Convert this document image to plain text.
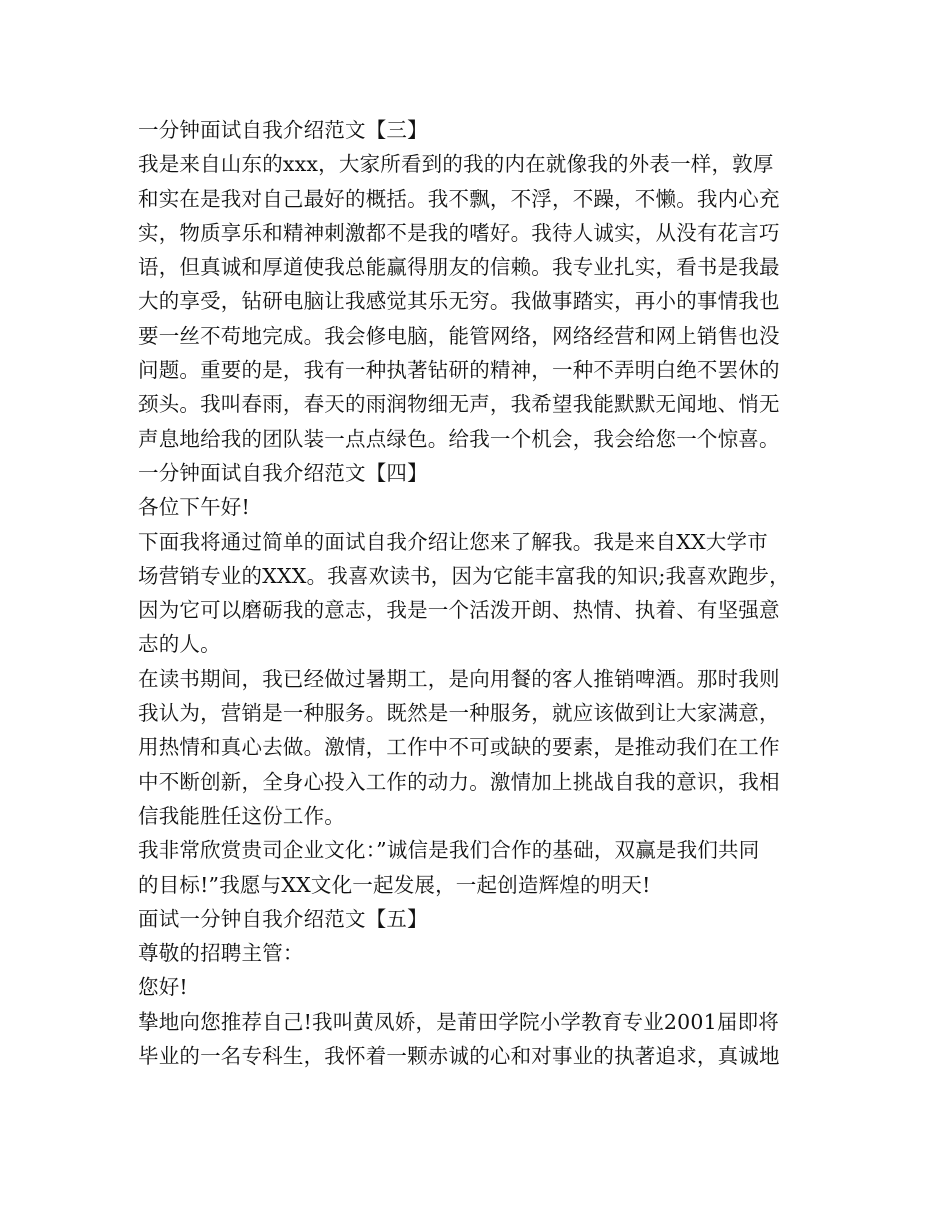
一分钟面试自我介绍范文【三】
我是来自山东的xxx，大家所看到的我的内在就像我的外表一样，敦厚
和实在是我对自己最好的概括。我不飘，不浮，不躁，不懒。我内心充
实，物质享乐和精神刺激都不是我的嗜好。我待人诚实，从没有花言巧
语，但真诚和厚道使我总能赢得朋友的信赖。我专业扎实，看书是我最
大的享受，钻研电脑让我感觉其乐无穷。我做事踏实，再小的事情我也
要一丝不苟地完成。我会修电脑，能管网络，网络经营和网上销售也没
问题。重要的是，我有一种执著钻研的精神，一种不弄明白绝不罢休的
颈头。我叫春雨，春天的雨润物细无声，我希望我能默默无闻地、悄无
声息地给我的团队装一点点绿色。给我一个机会，我会给您一个惊喜。
一分钟面试自我介绍范文【四】
各位下午好!
下面我将通过简单的面试自我介绍让您来了解我。我是来自XX大学市
场营销专业的XXX。我喜欢读书，因为它能丰富我的知识;我喜欢跑步，
因为它可以磨砺我的意志，我是一个活泼开朗、热情、执着、有坚强意
志的人。
在读书期间，我已经做过暑期工，是向用餐的客人推销啤酒。那时我则
我认为，营销是一种服务。既然是一种服务，就应该做到让大家满意，
用热情和真心去做。激情，工作中不可或缺的要素，是推动我们在工作
中不断创新，全身心投入工作的动力。激情加上挑战自我的意识，我相
信我能胜任这份工作。
我非常欣赏贵司企业文化：”诚信是我们合作的基础，双赢是我们共同
的目标!”我愿与XX文化一起发展，一起创造辉煌的明天!
面试一分钟自我介绍范文【五】
尊敬的招聘主管：
您好!
挚地向您推荐自己!我叫黄凤娇，是莆田学院小学教育专业2001届即将
毕业的一名专科生，我怀着一颗赤诚的心和对事业的执著追求，真诚地
